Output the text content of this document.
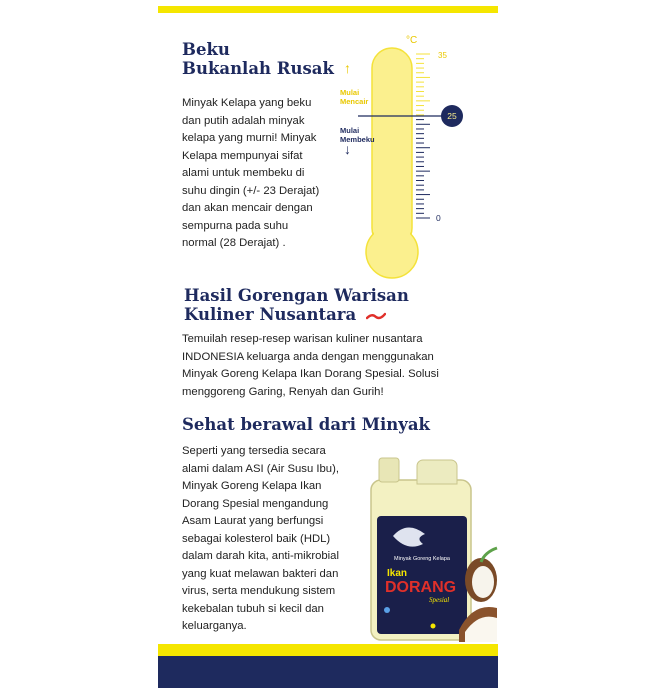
Beku
Bukanlah Rusak

Minyak Kelapa yang beku dan putih adalah minyak kelapa yang murni! Minyak Kelapa mempunyai sifat alami untuk membeku di suhu dingin (+/- 23 Derajat) dan akan mencair dengan sempurna pada suhu normal (28 Derajat) .

25
°C
35
0
↑
Mulai Mencair
Mulai Membeku
↓
Hasil Gorengan Warisan
Kuliner Nusantara

Temuilah resep-resep warisan kuliner nusantara INDONESIA keluarga anda dengan menggunakan Minyak Goreng Kelapa Ikan Dorang Spesial. Solusi menggoreng Garing, Renyah dan Gurih!

Sehat berawal dari Minyak

Seperti yang tersedia secara alami dalam ASI (Air Susu Ibu), Minyak Goreng Kelapa Ikan Dorang Spesial mengandung Asam Laurat yang berfungsi sebagai kolesterol baik (HDL) dalam darah kita, anti-mikrobial yang kuat melawan bakteri dan virus, serta mendukung sistem kekebalan tubuh si kecil dan keluarganya.

Minyak Goreng Kelapa
Ikan
DORANG
Spesial
